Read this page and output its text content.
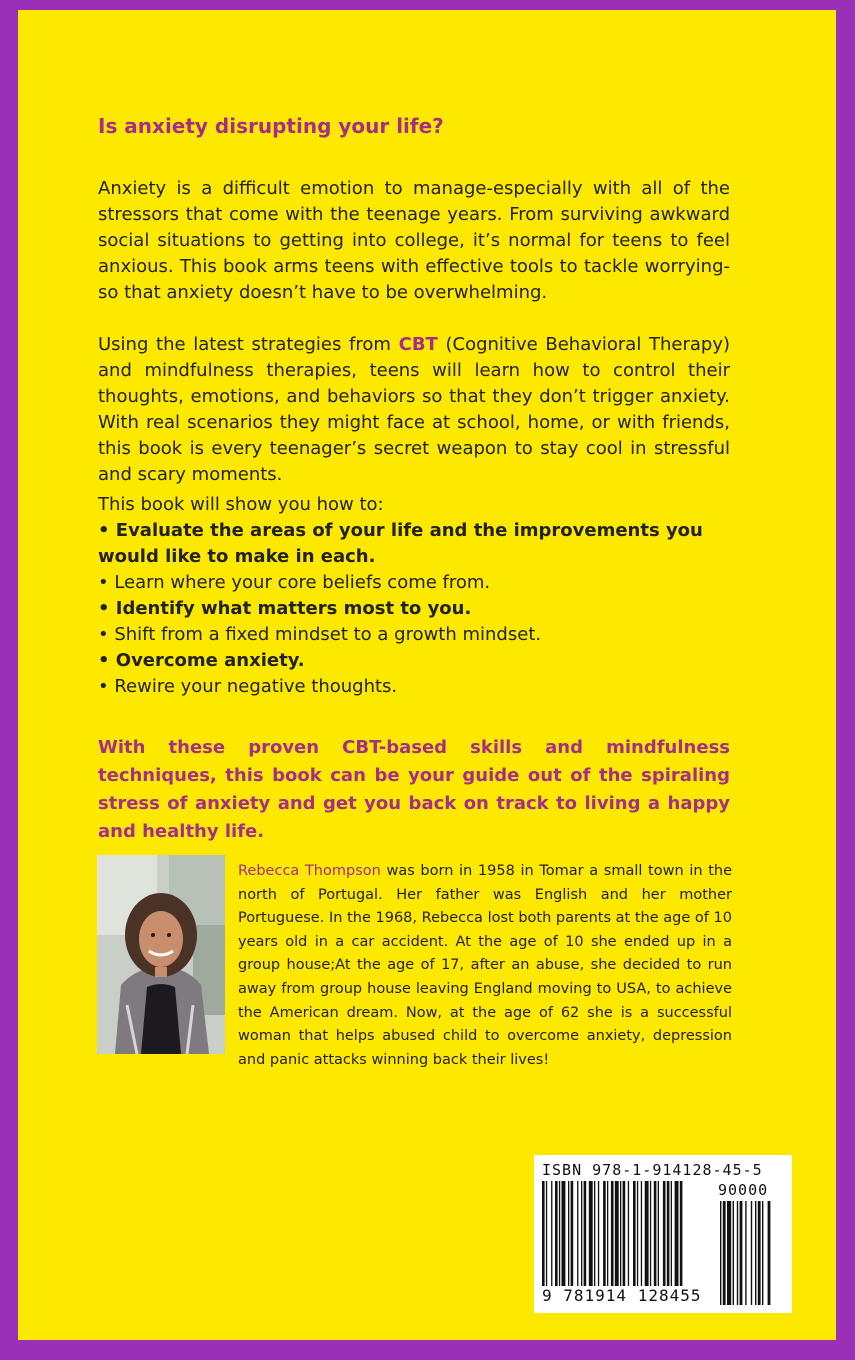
Is anxiety disrupting your life?
Anxiety is a difficult emotion to manage-especially with all of the stressors that come with the teenage years. From surviving awkward social situations to getting into college, it’s normal for teens to feel anxious. This book arms teens with effective tools to tackle worrying-so that anxiety doesn’t have to be overwhelming.
Using the latest strategies from CBT (Cognitive Behavioral Therapy) and mindfulness therapies, teens will learn how to control their thoughts, emotions, and behaviors so that they don’t trigger anxiety. With real scenarios they might face at school, home, or with friends, this book is every teenager’s secret weapon to stay cool in stressful and scary moments.

This book will show you how to:

• Evaluate the areas of your life and the improvements you would like to make in each.

• Learn where your core beliefs come from.

• Identify what matters most to you.

• Shift from a fixed mindset to a growth mindset.

• Overcome anxiety.

• Rewire your negative thoughts.

With these proven CBT-based skills and mindfulness techniques, this book can be your guide out of the spiraling stress of anxiety and get you back on track to living a happy and healthy life.
Rebecca Thompson was born in 1958 in Tomar a small town in the north of Portugal. Her father was English and her mother Portuguese. In the 1968, Rebecca lost both parents at the age of 10 years old in a car accident. At the age of 10 she ended up in a group house;At the age of 17, after an abuse, she decided to run away from group house leaving England moving to USA, to achieve the American dream. Now, at the age of 62 she is a successful woman that helps abused child to overcome anxiety, depression and panic attacks winning back their lives!
ISBN 978-1-914128-45-5
90000
9 781914 128455
